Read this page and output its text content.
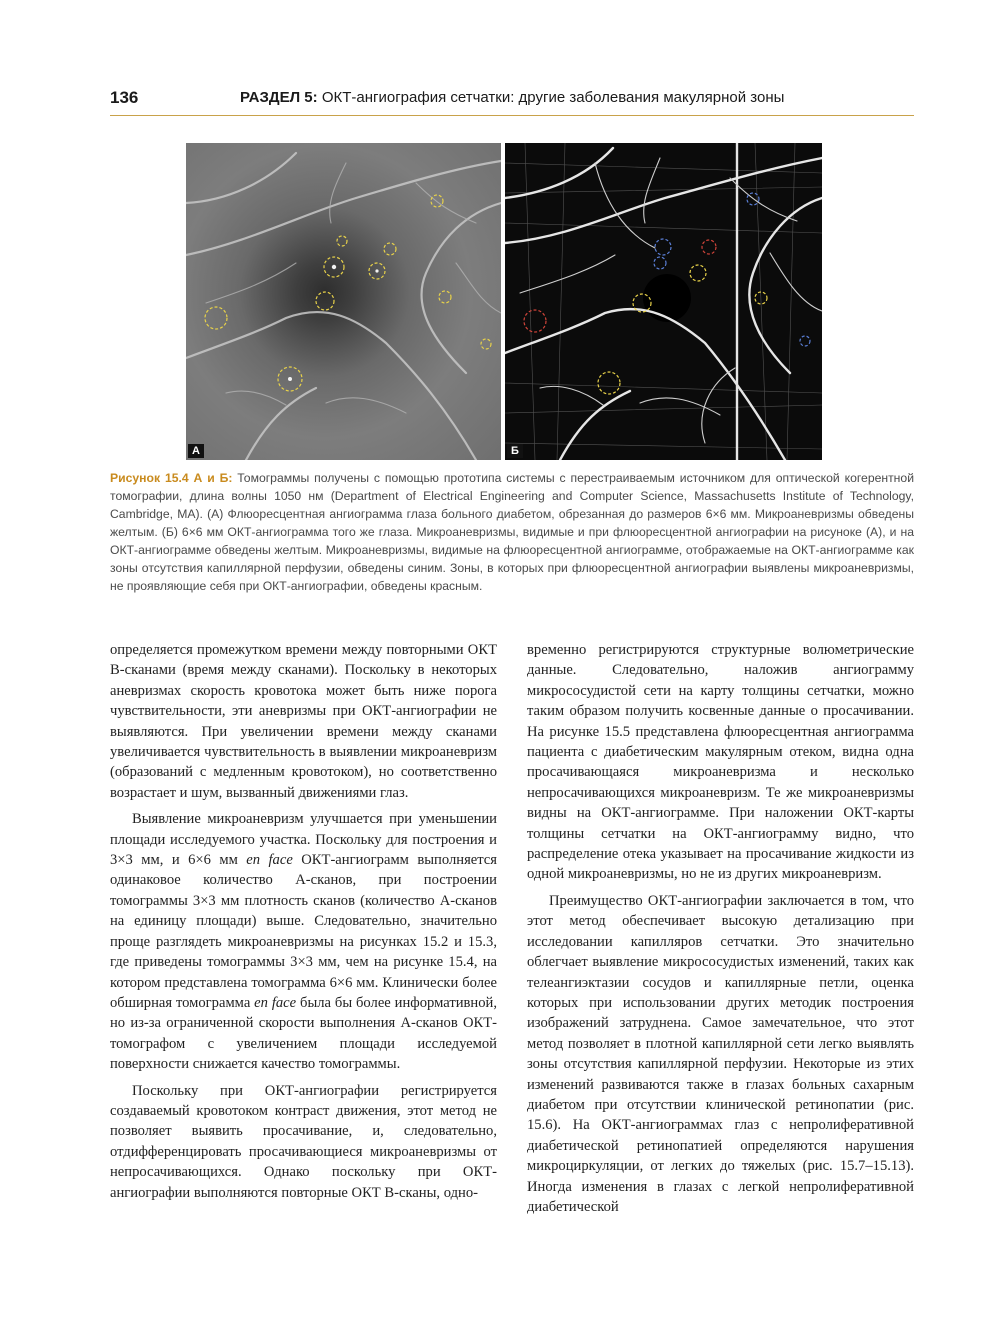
136	РАЗДЕЛ 5: ОКТ-ангиография сетчатки: другие заболевания макулярной зоны
А	Б
Рисунок 15.4 А и Б: Томограммы получены с помощью прототипа системы с перестраиваемым источником для оптической когерентной томографии, длина волны 1050 нм (Department of Electrical Engineering and Computer Science, Massachusetts Institute of Technology, Cambridge, MA). (А) Флюоресцентная ангиограмма глаза больного диабетом, обрезанная до размеров 6×6 мм. Микроаневризмы обведены желтым. (Б) 6×6 мм ОКТ-ангиограмма того же глаза. Микроаневризмы, видимые и при флюоресцентной ангиографии на рисуноке (А), и на ОКТ-ангиограмме обведены желтым. Микроаневризмы, видимые на флюоресцентной ангиограмме, отображаемые на ОКТ-ангиограмме как зоны отсутствия капиллярной перфузии, обведены синим. Зоны, в которых при флюоресцентной ангиографии выявлены микроаневризмы, не проявляющие себя при ОКТ-ангиографии, обведены красным.

определяется промежутком времени между повторными ОКТ В-сканами (время между сканами). Поскольку в некоторых аневризмах скорость кровотока может быть ниже порога чувствительности, эти аневризмы при ОКТ-ангиографии не выявляются. При увеличении времени между сканами увеличивается чувствительность в выявлении микроаневризм (образований с медленным кровотоком), но соответственно возрастает и шум, вызванный движениями глаз.

Выявление микроаневризм улучшается при уменьшении площади исследуемого участка. Поскольку для построения и 3×3 мм, и 6×6 мм en face ОКТ-ангиограмм выполняется одинаковое количество А-сканов, при построении томограммы 3×3 мм плотность сканов (количество А-сканов на единицу площади) выше. Следовательно, значительно проще разглядеть микроаневризмы на рисунках 15.2 и 15.3, где приведены томограммы 3×3 мм, чем на рисунке 15.4, на котором представлена томограмма 6×6 мм. Клинически более обширная томограмма en face была бы более информативной, но из-за ограниченной скорости выполнения А-сканов ОКТ-томографом с увеличением площади исследуемой поверхности снижается качество томограммы.

Поскольку при ОКТ-ангиографии регистрируется создаваемый кровотоком контраст движения, этот метод не позволяет выявить просачивание, и, следовательно, отдифференцировать просачивающиеся микроаневризмы от непросачивающихся. Однако поскольку при ОКТ-ангиографии выполняются повторные ОКТ В-сканы, одно-

временно регистрируются структурные волюметрические данные. Следовательно, наложив ангиограмму микрососудистой сети на карту толщины сетчатки, можно таким образом получить косвенные данные о просачивании. На рисунке 15.5 представлена флюоресцентная ангиограмма пациента с диабетическим макулярным отеком, видна одна просачивающаяся микроаневризма и несколько непросачивающихся микроаневризм. Те же микроаневризмы видны на ОКТ-ангиограмме. При наложении ОКТ-карты толщины сетчатки на ОКТ-ангиограмму видно, что распределение отека указывает на просачивание жидкости из одной микроаневризмы, но не из других микроаневризм.

Преимущество ОКТ-ангиографии заключается в том, что этот метод обеспечивает высокую детализацию при исследовании капилляров сетчатки. Это значительно облегчает выявление микрососудистых изменений, таких как телеангиэктазии сосудов и капиллярные петли, оценка которых при использовании других методик построения изображений затруднена. Самое замечательное, что этот метод позволяет в плотной капиллярной сети легко выявлять зоны отсутствия капиллярной перфузии. Некоторые из этих изменений развиваются также в глазах больных сахарным диабетом при отсутствии клинической ретинопатии (рис. 15.6). На ОКТ-ангиограммах глаз с непролиферативной диабетической ретинопатией определяются нарушения микроциркуляции, от легких до тяжелых (рис. 15.7–15.13). Иногда изменения в глазах с легкой непролиферативной диабетической
